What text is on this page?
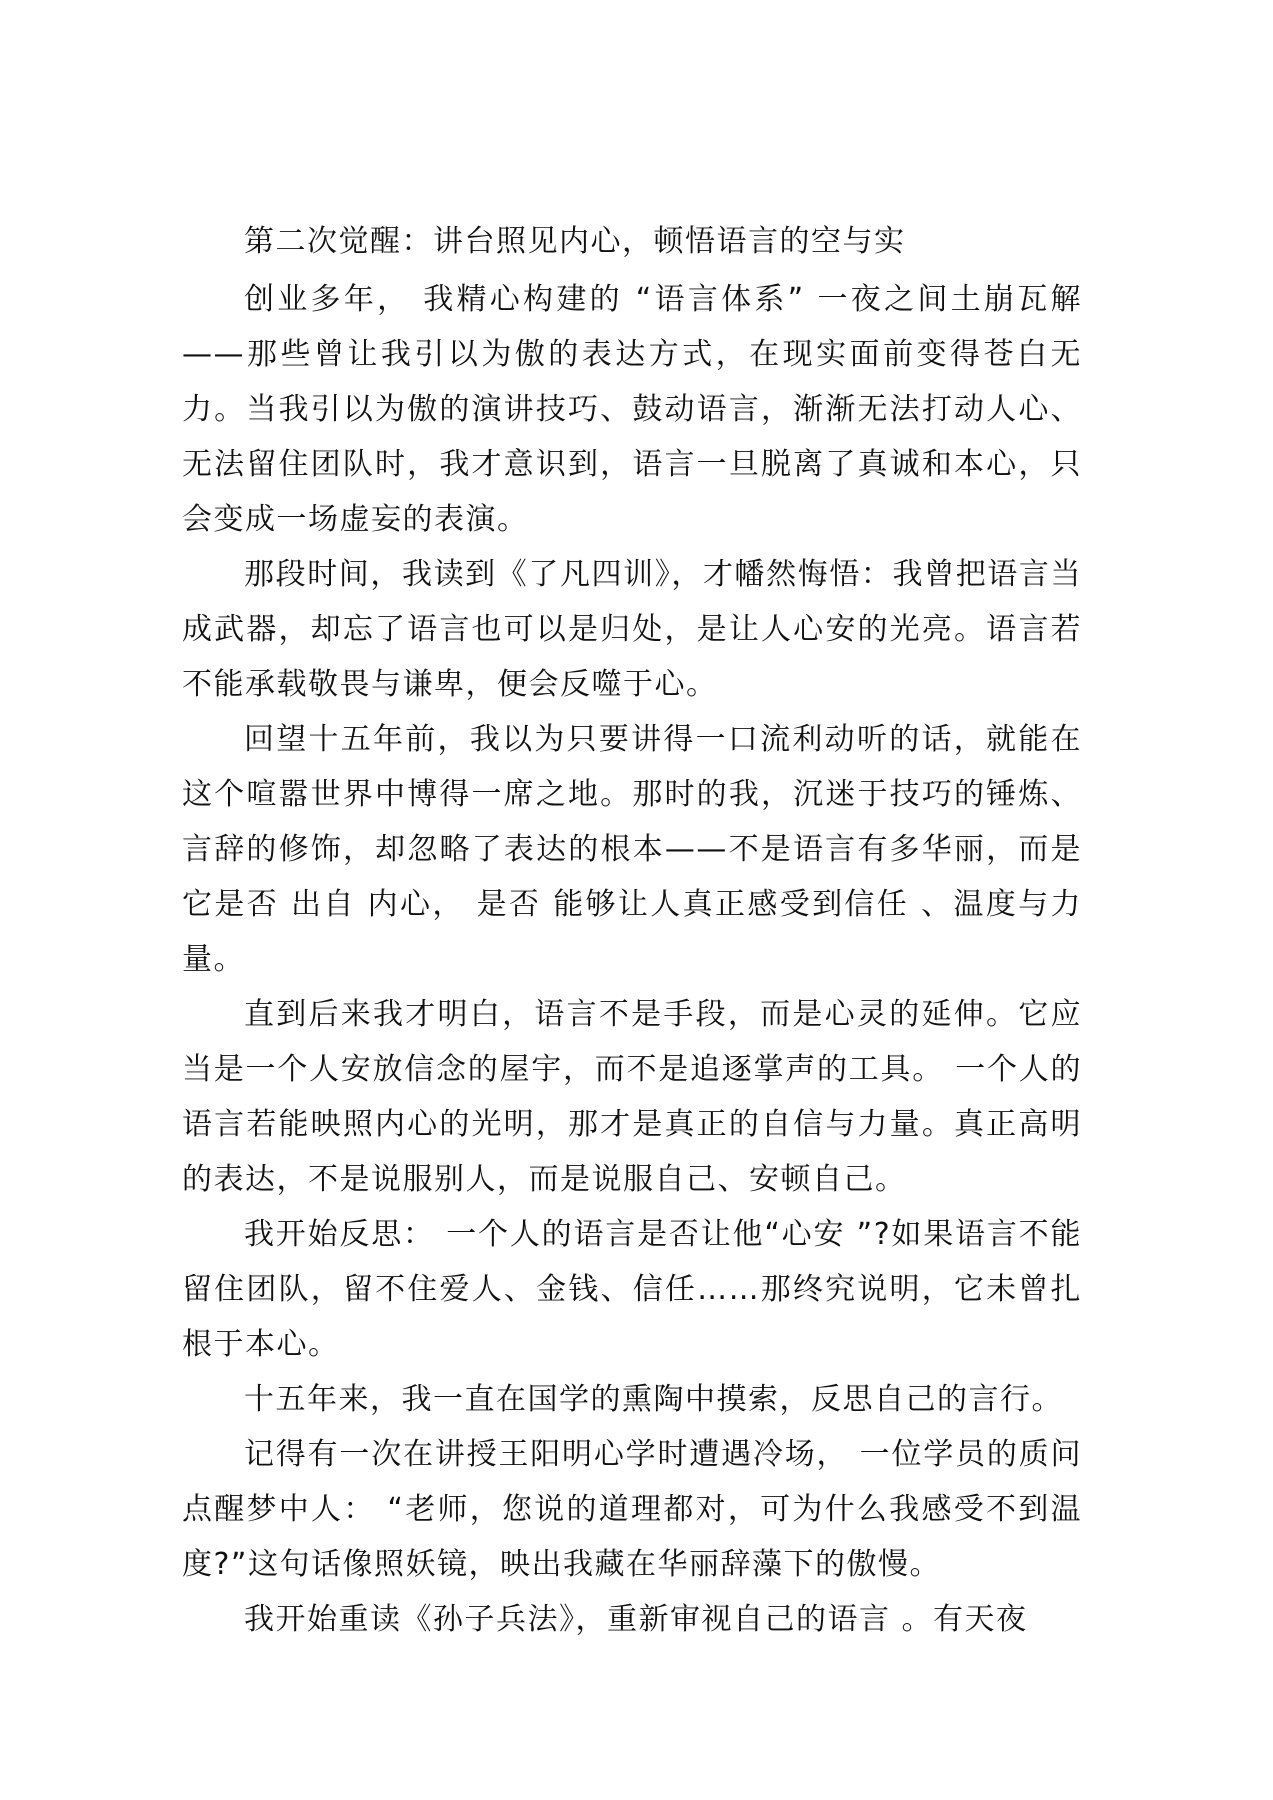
第二次觉醒：讲台照见内心，顿悟语言的空与实

创业多年， 我精心构建的 “语言体系” 一夜之间土崩瓦解——那些曾让我引以为傲的表达方式，在现实面前变得苍白无力。当我引以为傲的演讲技巧、鼓动语言，渐渐无法打动人心、无法留住团队时，我才意识到，语言一旦脱离了真诚和本心，只会变成一场虚妄的表演。

那段时间，我读到《了凡四训》，才幡然悔悟：我曾把语言当成武器，却忘了语言也可以是归处，是让人心安的光亮。语言若不能承载敬畏与谦卑，便会反噬于心。

回望十五年前，我以为只要讲得一口流利动听的话，就能在这个喧嚣世界中博得一席之地。那时的我，沉迷于技巧的锤炼、言辞的修饰，却忽略了表达的根本——不是语言有多华丽，而是它是否 出自 内心， 是否 能够让人真正感受到信任 、温度与力量。

直到后来我才明白，语言不是手段，而是心灵的延伸。它应当是一个人安放信念的屋宇，而不是追逐掌声的工具。 一个人的语言若能映照内心的光明，那才是真正的自信与力量。真正高明的表达，不是说服别人，而是说服自己、安顿自己。

我开始反思： 一个人的语言是否让他“心安 ”?如果语言不能留住团队，留不住爱人、金钱、信任……那终究说明，它未曾扎根于本心。

十五年来，我一直在国学的熏陶中摸索，反思自己的言行。

记得有一次在讲授王阳明心学时遭遇冷场， 一位学员的质问点醒梦中人： “老师，您说的道理都对，可为什么我感受不到温度?”这句话像照妖镜，映出我藏在华丽辞藻下的傲慢。

我开始重读《孙子兵法》，重新审视自己的语言 。有天夜
